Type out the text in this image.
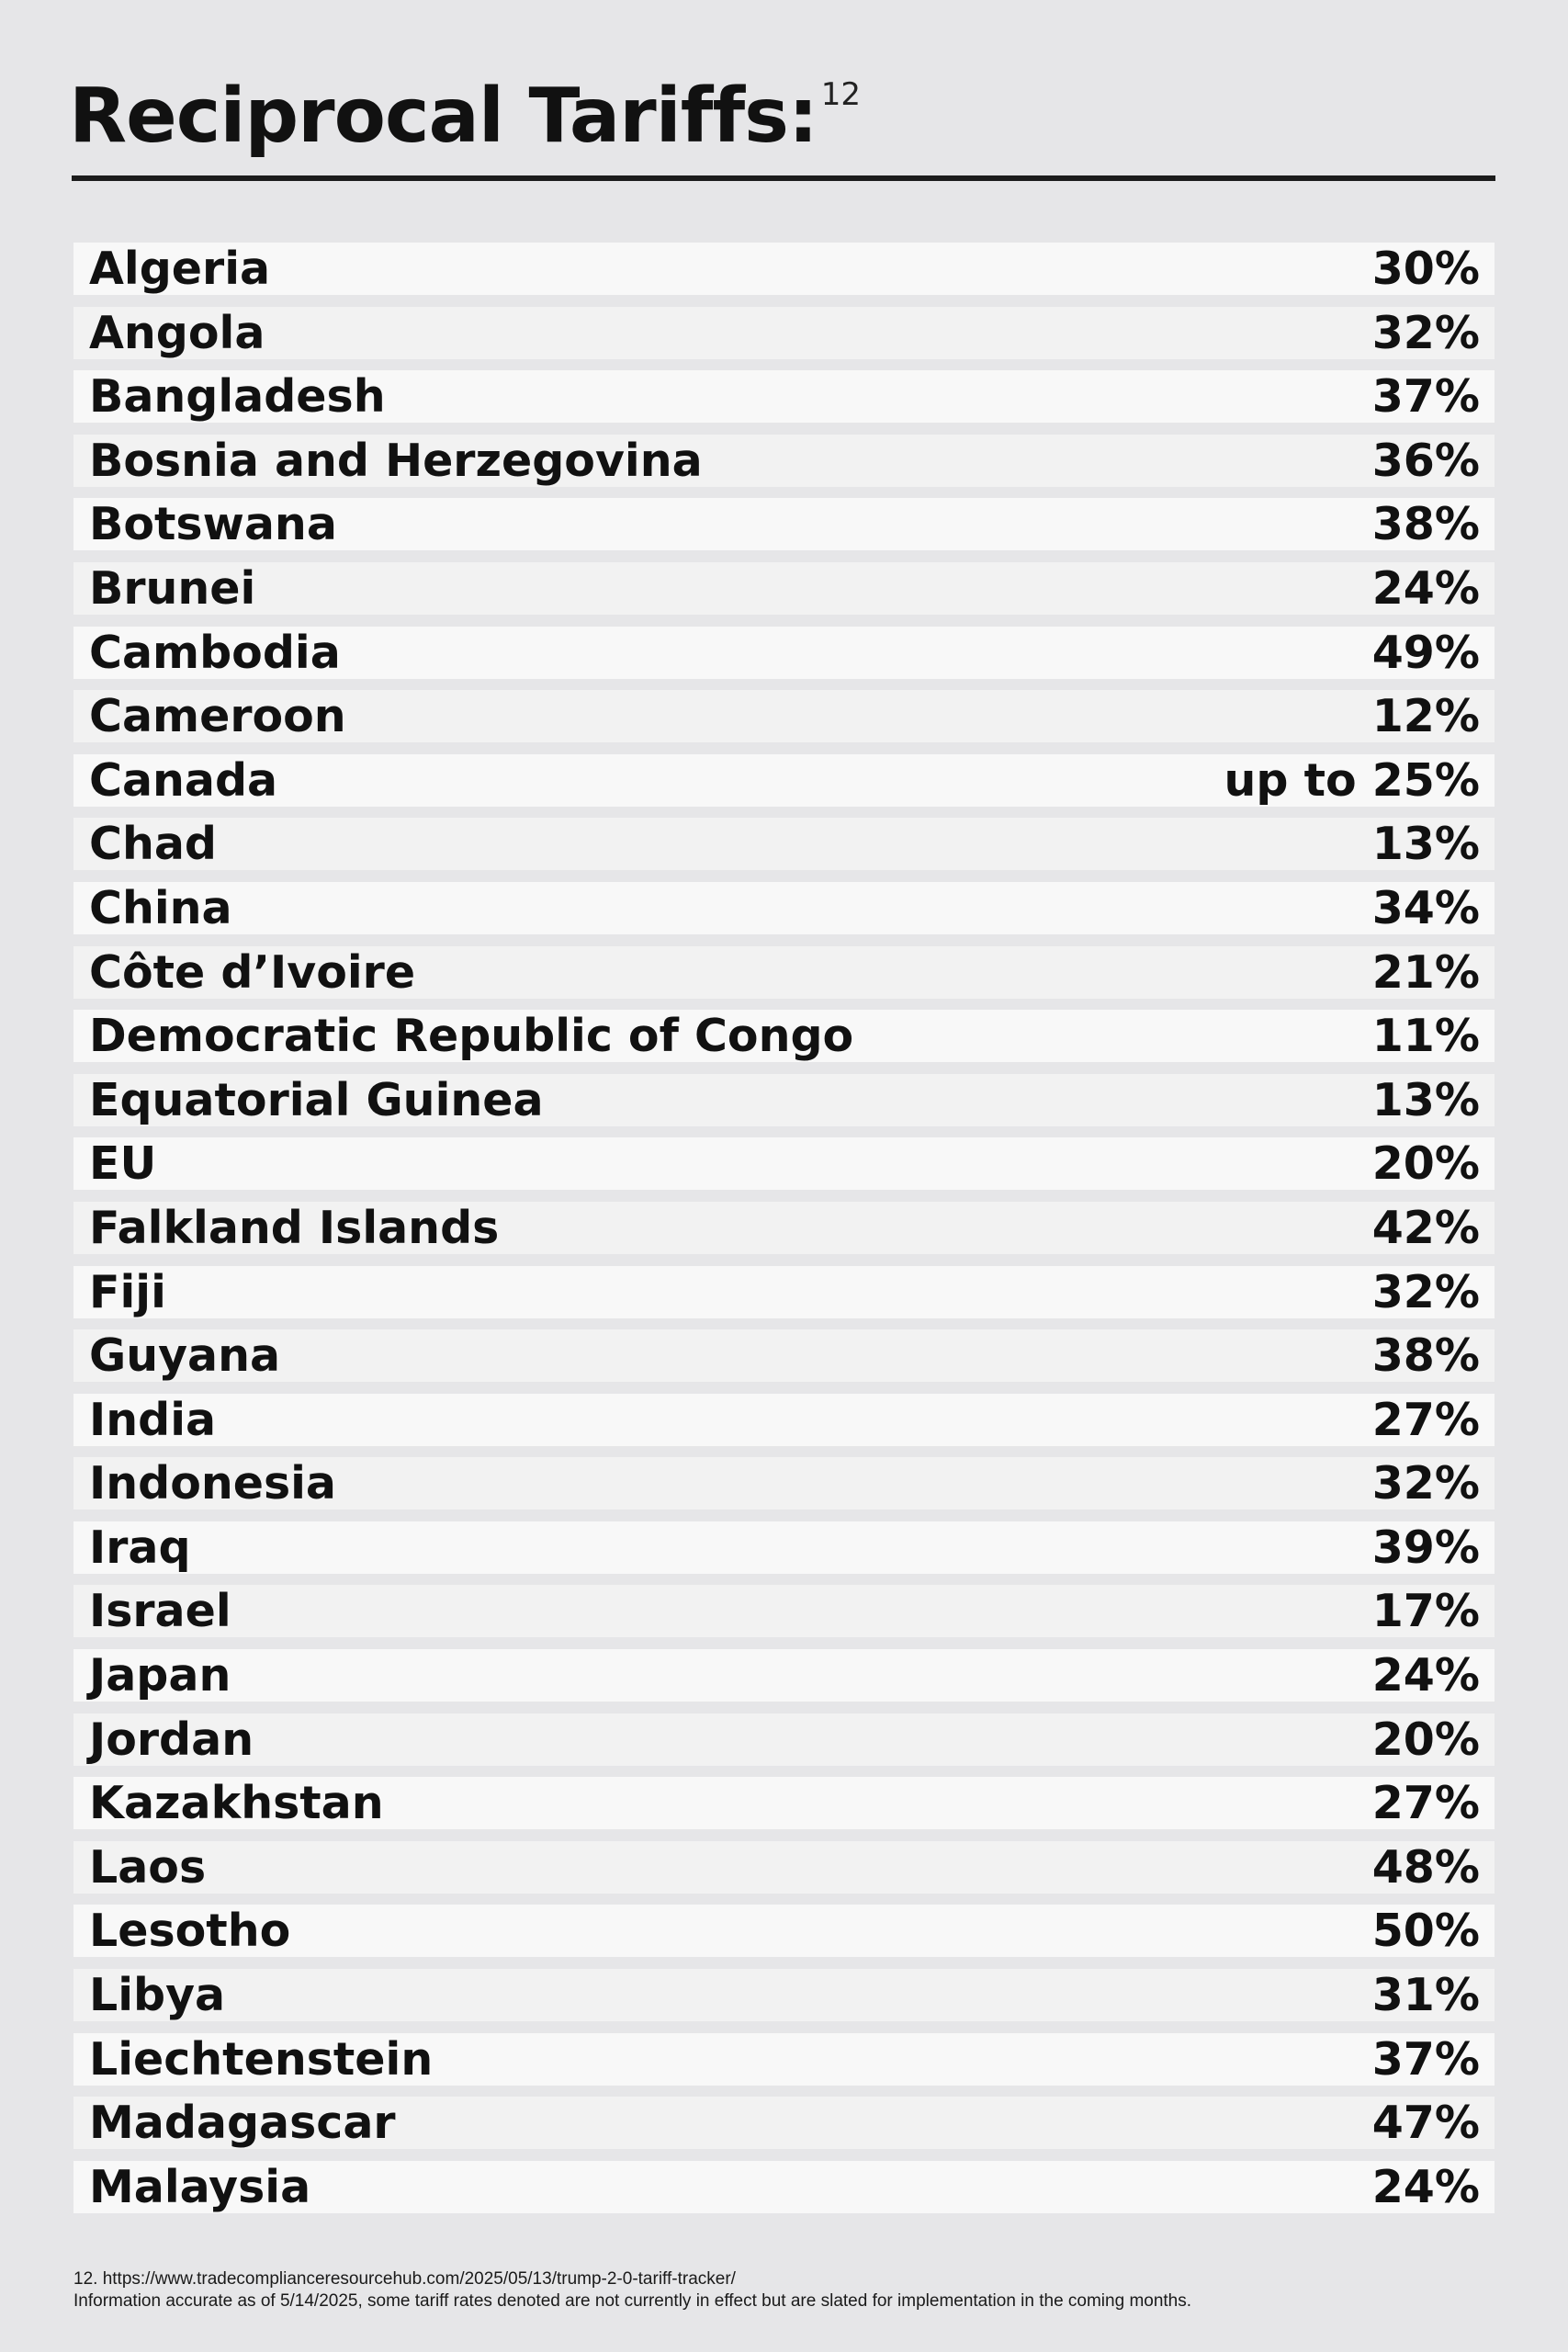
Reciprocal Tariffs: $^{12}$
Algeria	30%
Angola	32%
Bangladesh	37%
Bosnia and Herzegovina	36%
Botswana	38%
Brunei	24%
Cambodia	49%
Cameroon	12%
Canada	up to 25%
Chad	13%
China	34%
Côte d’Ivoire	21%
Democratic Republic of Congo	11%
Equatorial Guinea	13%
EU	20%
Falkland Islands	42%
Fiji	32%
Guyana	38%
India	27%
Indonesia	32%
Iraq	39%
Israel	17%
Japan	24%
Jordan	20%
Kazakhstan	27%
Laos	48%
Lesotho	50%
Libya	31%
Liechtenstein	37%
Madagascar	47%
Malaysia	24%
12. https://www.tradecomplianceresourcehub.com/2025/05/13/trump-2-0-tariff-tracker/
Information accurate as of 5/14/2025, some tariff rates denoted are not currently in effect but are slated for implementation in the coming months.
